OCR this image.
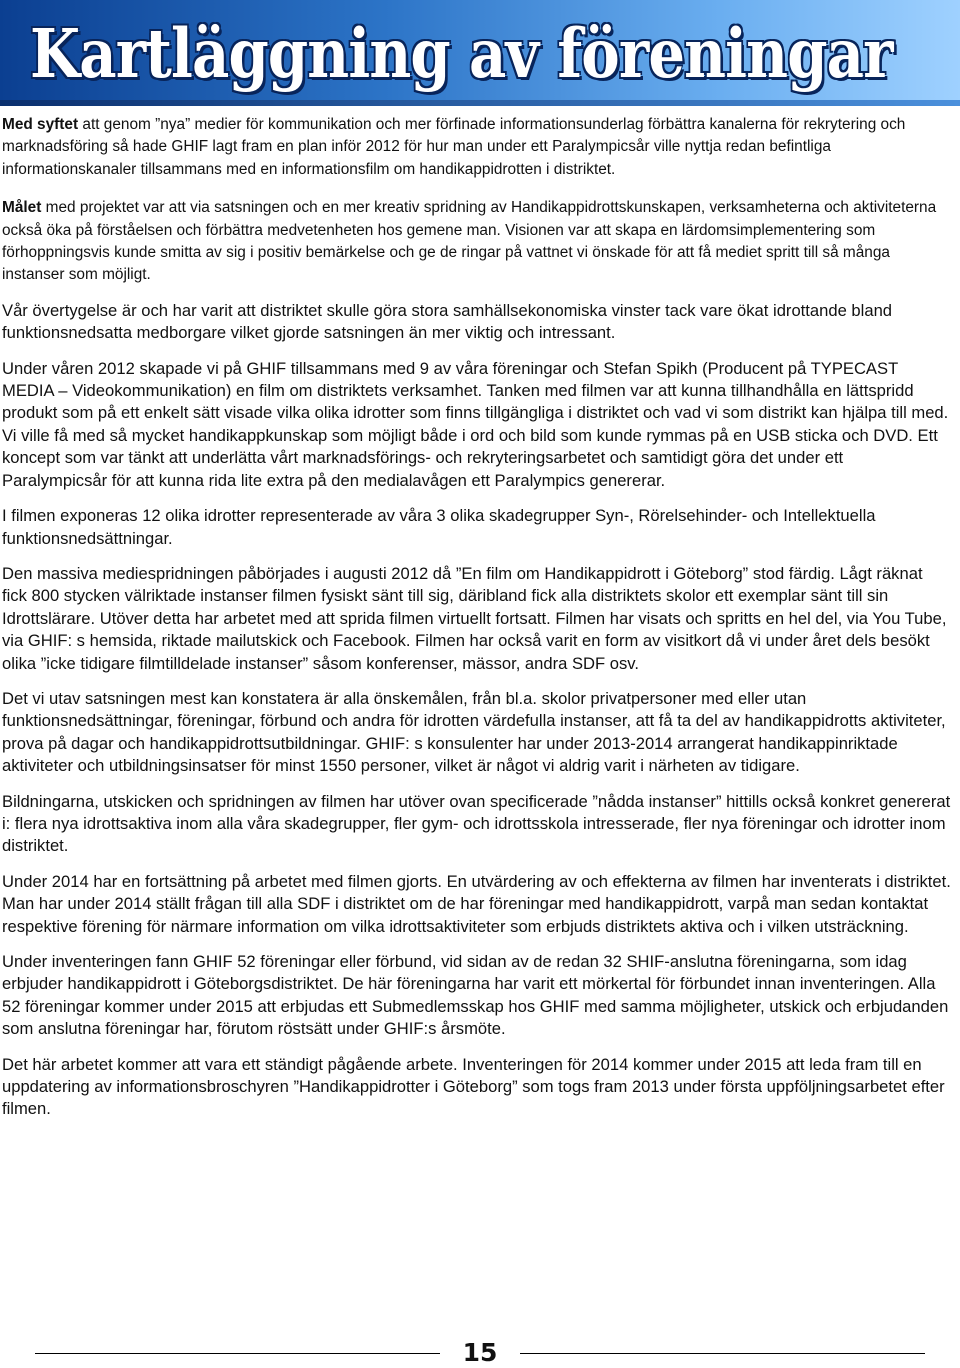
Kartläggning av föreningar

Med syftet att genom ”nya” medier för kommunikation och mer förfinade informationsunderlag förbättra kanalerna för rekrytering och marknadsföring så hade GHIF lagt fram en plan inför 2012 för hur man under ett Paralympicsår ville nyttja redan befintliga informationskanaler tillsammans med en informationsfilm om handikappidrotten i distriktet.

Målet med projektet var att via satsningen och en mer kreativ spridning av Handikappidrottskunskapen, verksamheterna och aktiviteterna också öka på förståelsen och förbättra medvetenheten hos gemene man. Visionen var att skapa en lärdomsimplementering som förhoppningsvis kunde smitta av sig i positiv bemärkelse och ge de ringar på vattnet vi önskade för att få mediet spritt till så många instanser som möjligt.

Vår övertygelse är och har varit att distriktet skulle göra stora samhällsekonomiska vinster tack vare ökat idrottande bland funktionsnedsatta medborgare vilket gjorde satsningen än mer viktig och intressant.

Under våren 2012 skapade vi på GHIF tillsammans med 9 av våra föreningar och Stefan Spikh (Producent på TYPECAST MEDIA – Videokommunikation) en film om distriktets verksamhet. Tanken med filmen var att kunna tillhandhålla en lättspridd produkt som på ett enkelt sätt visade vilka olika idrotter som finns tillgängliga i distriktet och vad vi som distrikt kan hjälpa till med. Vi ville få med så mycket handikappkunskap som möjligt både i ord och bild som kunde rymmas på en USB sticka och DVD. Ett koncept som var tänkt att underlätta vårt marknadsförings- och rekryteringsarbetet och samtidigt göra det under ett Paralympicsår för att kunna rida lite extra på den medialavågen ett Paralympics genererar.

I filmen exponeras 12 olika idrotter representerade av våra 3 olika skadegrupper Syn-, Rörelsehinder- och Intellektuella funktionsnedsättningar.

Den massiva mediespridningen påbörjades i augusti 2012 då ”En film om Handikappidrott i Göteborg” stod färdig. Lågt räknat fick 800 stycken välriktade instanser filmen fysiskt sänt till sig, däribland fick alla distriktets skolor ett exemplar sänt till sin Idrottslärare. Utöver detta har arbetet med att sprida filmen virtuellt fortsatt. Filmen har visats och spritts en hel del, via You Tube, via GHIF: s hemsida, riktade mailutskick och Facebook. Filmen har också varit en form av visitkort då vi under året dels besökt olika ”icke tidigare filmtilldelade instanser” såsom konferenser, mässor, andra SDF osv.

Det vi utav satsningen mest kan konstatera är alla önskemålen, från bl.a. skolor privatpersoner med eller utan funktionsnedsättningar, föreningar, förbund och andra för idrotten värdefulla instanser, att få ta del av handikappidrotts aktiviteter, prova på dagar och handikappidrottsutbildningar. GHIF: s konsulenter har under 2013-2014 arrangerat handikappinriktade aktiviteter och utbildningsinsatser för minst 1550 personer, vilket är något vi aldrig varit i närheten av tidigare.

Bildningarna, utskicken och spridningen av filmen har utöver ovan specificerade ”nådda instanser” hittills också konkret genererat i: flera nya idrottsaktiva inom alla våra skadegrupper, fler gym- och idrottsskola intresserade, fler nya föreningar och idrotter inom distriktet.

Under 2014 har en fortsättning på arbetet med filmen gjorts. En utvärdering av och effekterna av filmen har inventerats i distriktet. Man har under 2014 ställt frågan till alla SDF i distriktet om de har föreningar med handikappidrott, varpå man sedan kontaktat respektive förening för närmare information om vilka idrottsaktiviteter som erbjuds distriktets aktiva och i vilken utsträckning.

Under inventeringen fann GHIF 52 föreningar eller förbund, vid sidan av de redan 32 SHIF-anslutna föreningarna, som idag erbjuder handikappidrott i Göteborgsdistriktet. De här föreningarna har varit ett mörkertal för förbundet innan inventeringen. Alla 52 föreningar kommer under 2015 att erbjudas ett Submedlemsskap hos GHIF med samma möjligheter, utskick och erbjudanden som anslutna föreningar har, förutom röstsätt under GHIF:s årsmöte.

Det här arbetet kommer att vara ett ständigt pågående arbete. Inventeringen för 2014 kommer under 2015 att leda fram till en uppdatering av informationsbroschyren ”Handikappidrotter i Göteborg” som togs fram 2013 under första uppföljningsarbetet efter filmen.

15
